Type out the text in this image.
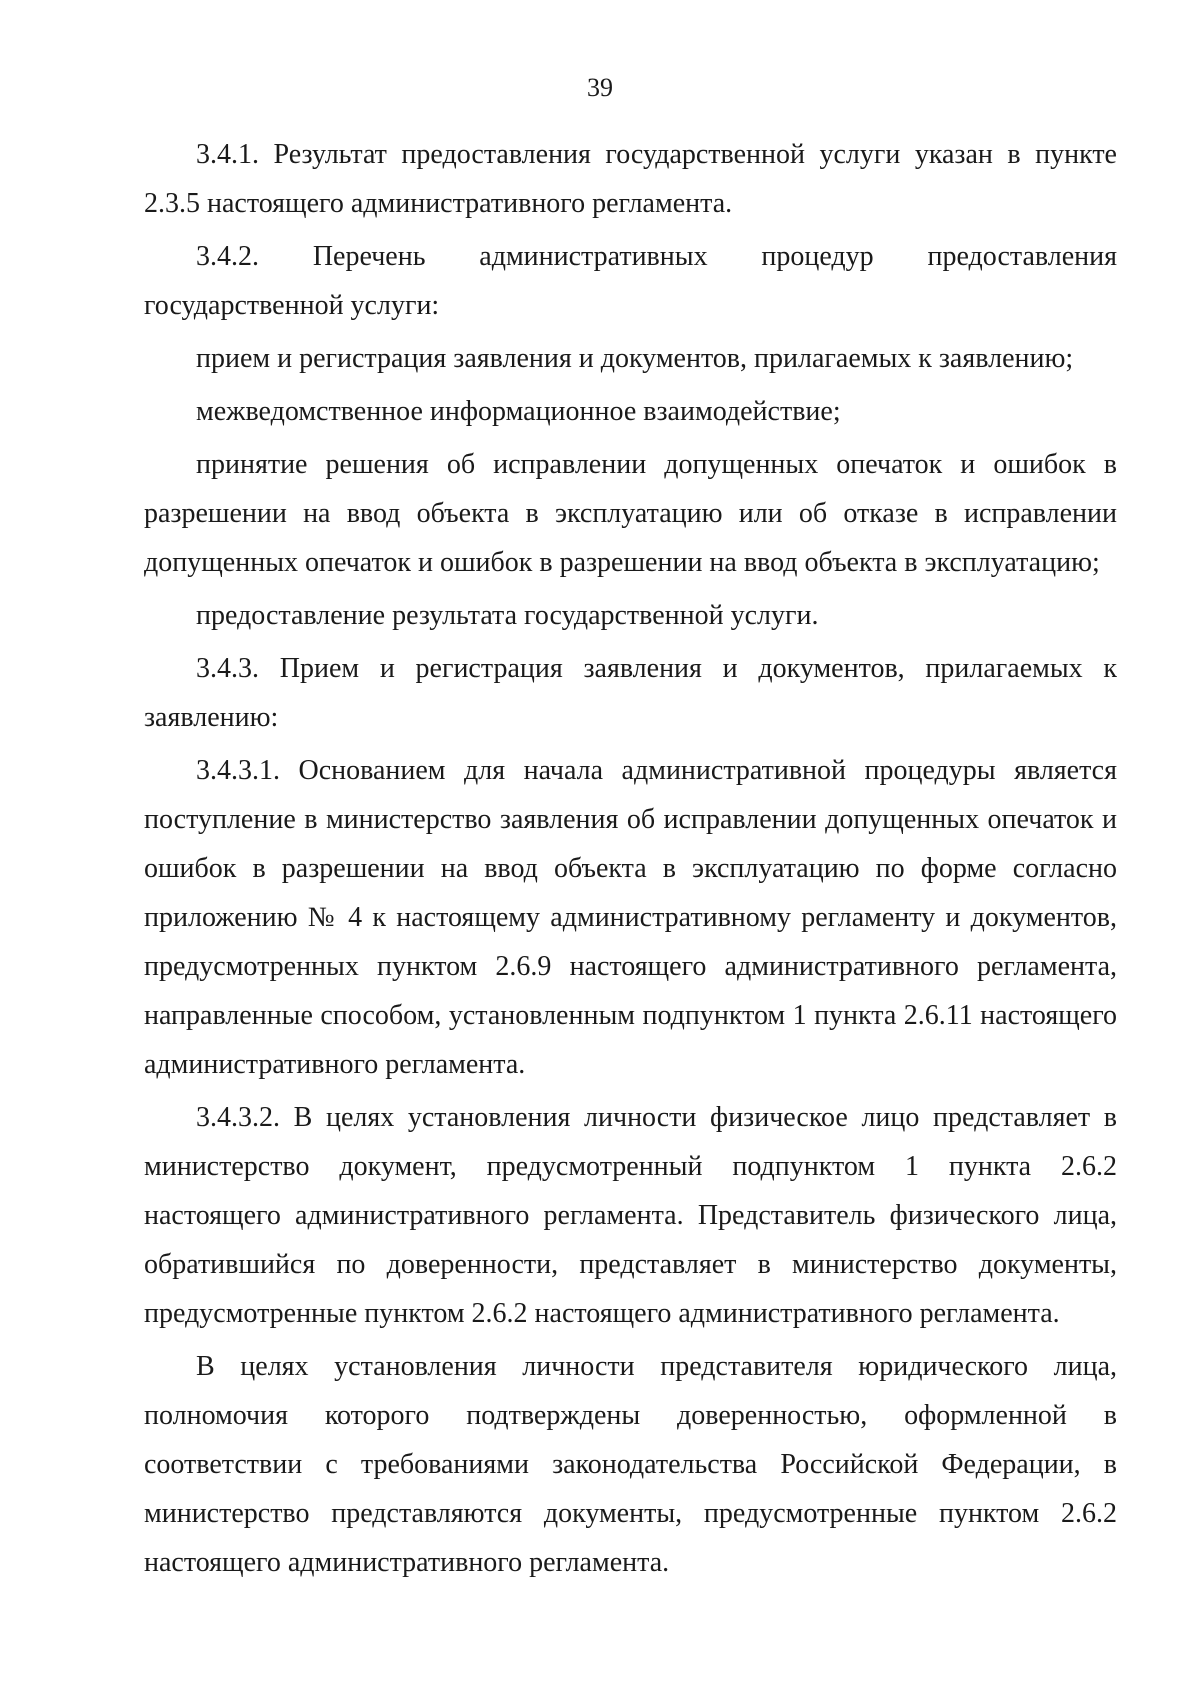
39

3.4.1. Результат предоставления государственной услуги указан в пункте 2.3.5 настоящего административного регламента.

3.4.2. Перечень административных процедур предоставления государственной услуги:

прием и регистрация заявления и документов, прилагаемых к заявлению;

межведомственное информационное взаимодействие;

принятие решения об исправлении допущенных опечаток и ошибок в разрешении на ввод объекта в эксплуатацию или об отказе в исправлении допущенных опечаток и ошибок в разрешении на ввод объекта в эксплуатацию;

предоставление результата государственной услуги.

3.4.3. Прием и регистрация заявления и документов, прилагаемых к заявлению:

3.4.3.1. Основанием для начала административной процедуры является поступление в министерство заявления об исправлении допущенных опечаток и ошибок в разрешении на ввод объекта в эксплуатацию по форме согласно приложению № 4 к настоящему административному регламенту и документов, предусмотренных пунктом 2.6.9 настоящего административного регламента, направленные способом, установленным подпунктом 1 пункта 2.6.11 настоящего административного регламента.

3.4.3.2. В целях установления личности физическое лицо представляет в министерство документ, предусмотренный подпунктом 1 пункта 2.6.2 настоящего административного регламента. Представитель физического лица, обратившийся по доверенности, представляет в министерство документы, предусмотренные пунктом 2.6.2 настоящего административного регламента.

В целях установления личности представителя юридического лица, полномочия которого подтверждены доверенностью, оформленной в соответствии с требованиями законодательства Российской Федерации, в министерство представляются документы, предусмотренные пунктом 2.6.2 настоящего административного регламента.
